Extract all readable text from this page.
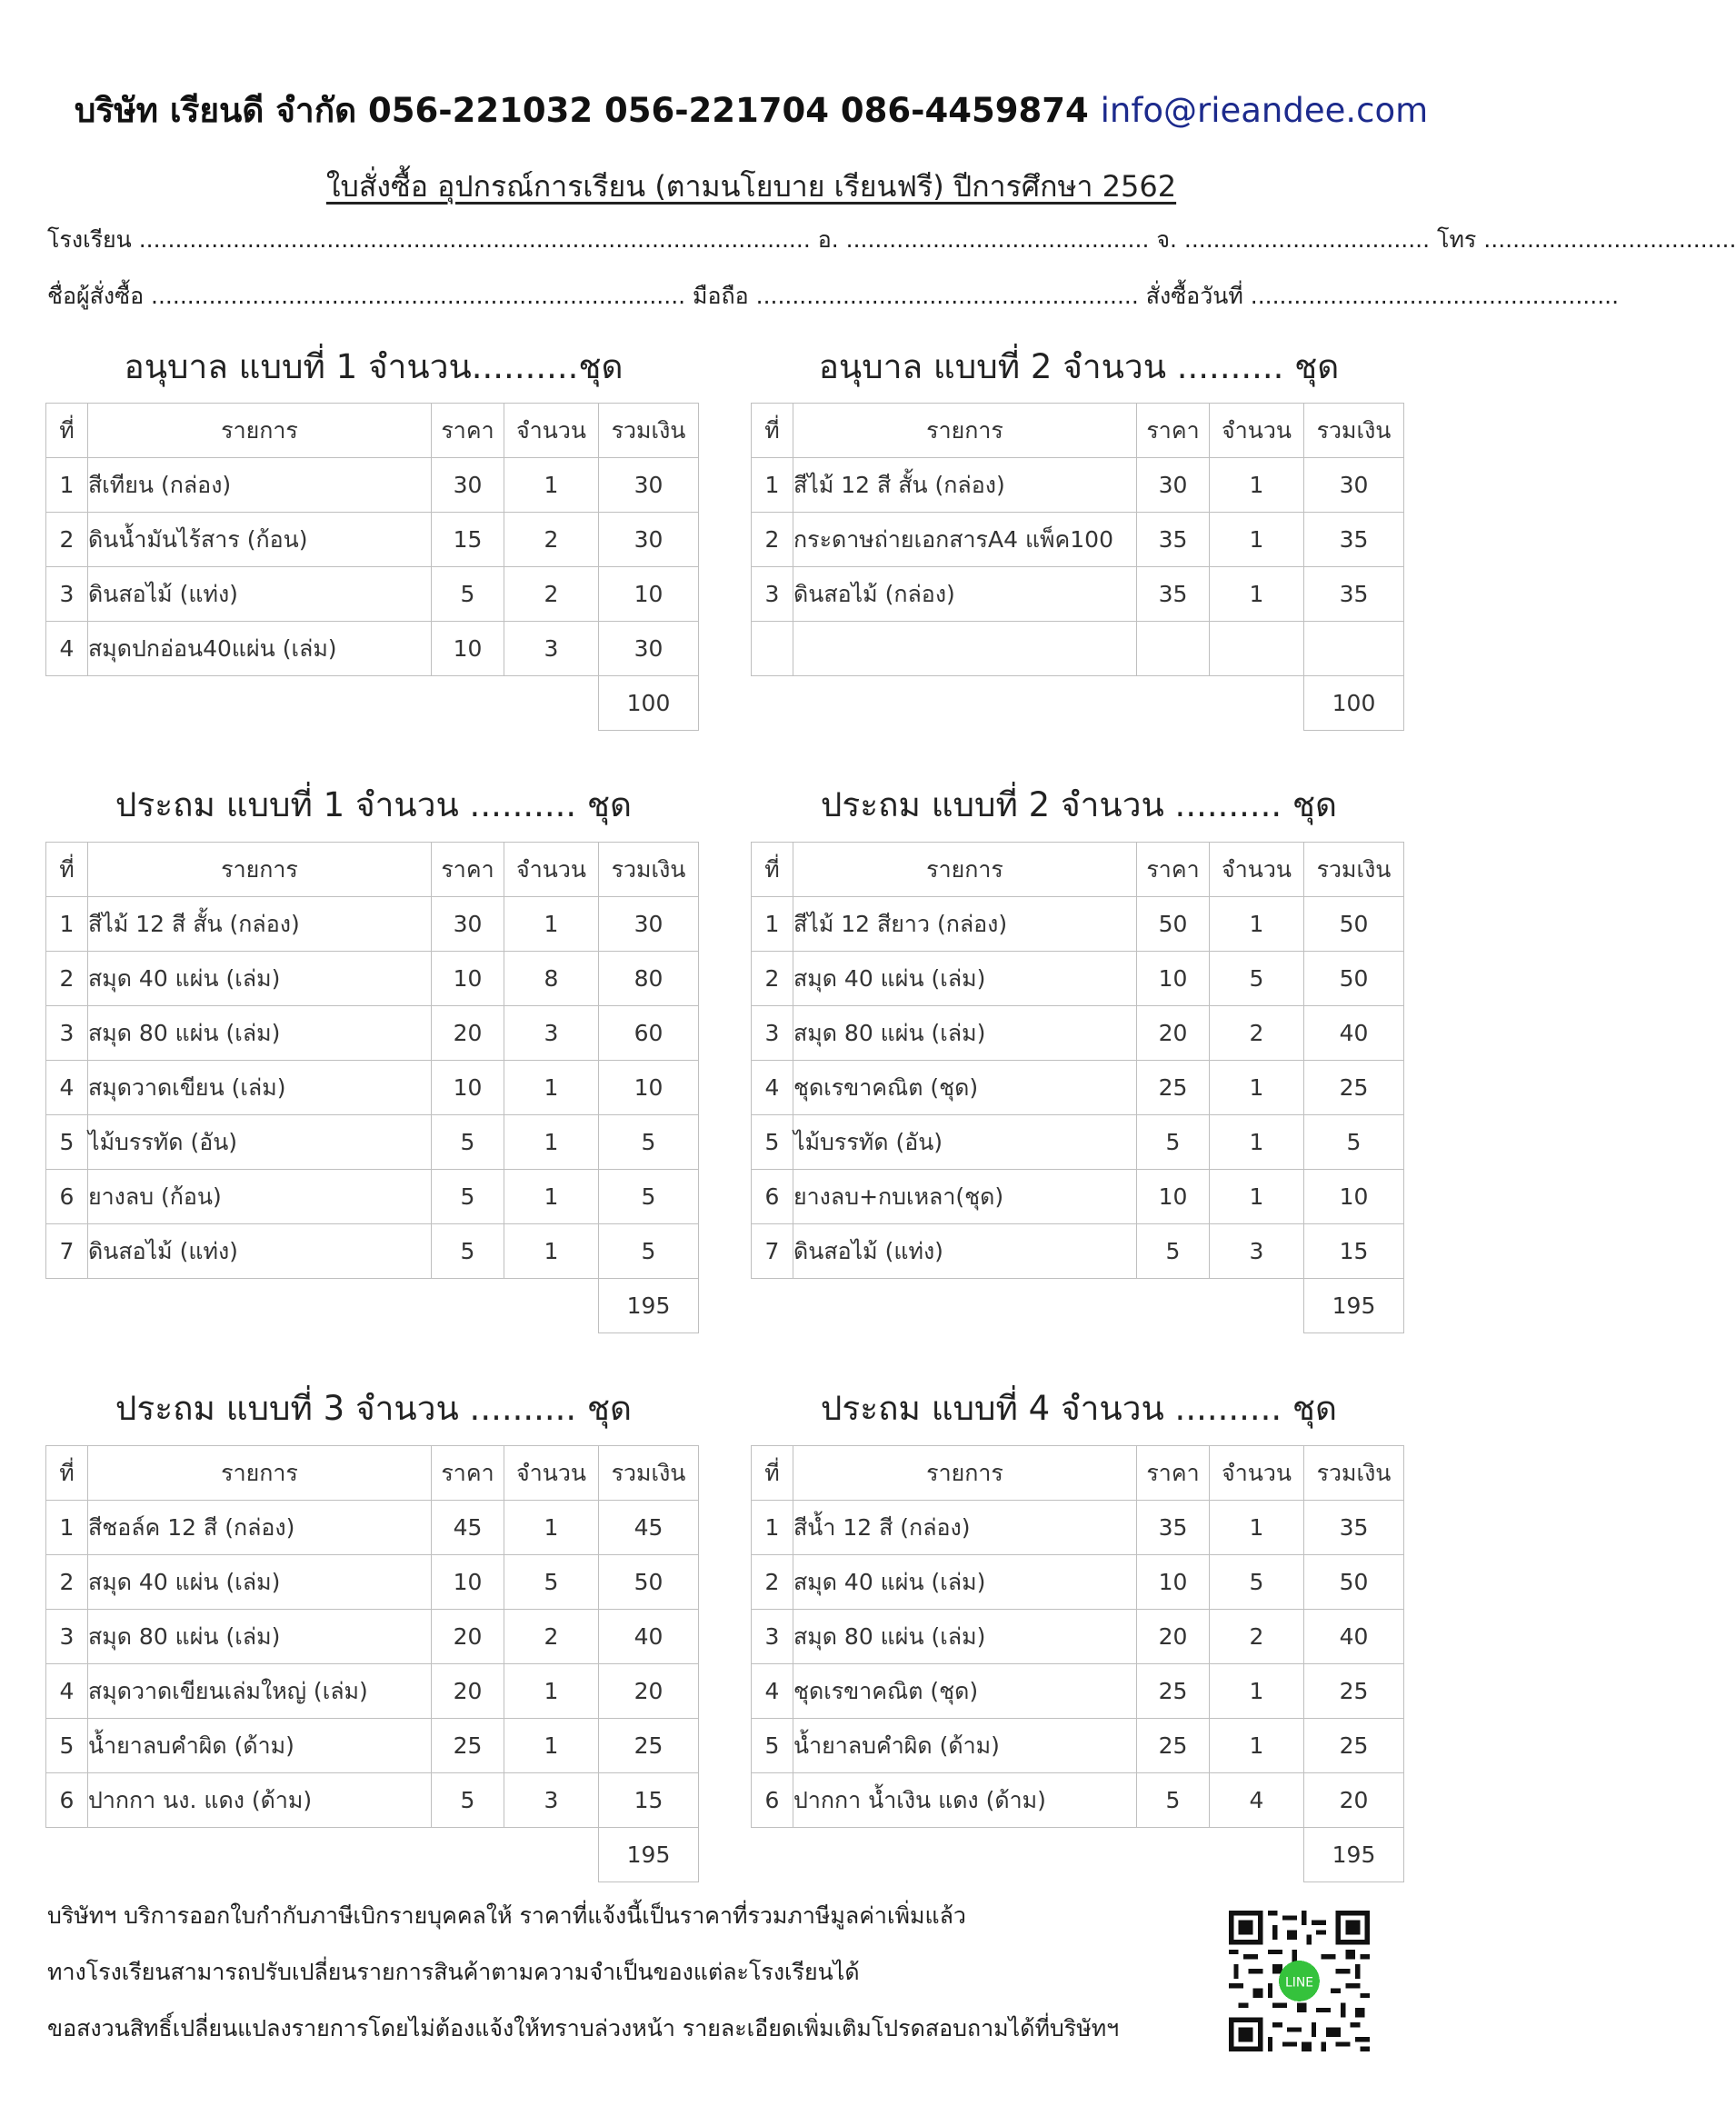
บริษัท เรียนดี จำกัด 056-221032 056-221704 086-4459874 info@rieandee.com
ใบสั่งซื้อ อุปกรณ์การเรียน (ตามนโยบาย เรียนฟรี) ปีการศึกษา 2562
โรงเรียน ............................................................................................. อ. .......................................... จ. .................................. โทร ...................................
ชื่อผู้สั่งซื้อ .......................................................................... มือถือ ..................................................... สั่งซื้อวันที่ ...................................................
อนุบาล แบบที่ 1 จำนวน..........ชุด	อนุบาล แบบที่ 2 จำนวน .......... ชุด
ประถม แบบที่ 1 จำนวน .......... ชุด	ประถม แบบที่ 2 จำนวน .......... ชุด
ประถม แบบที่ 3 จำนวน .......... ชุด	ประถม แบบที่ 4 จำนวน .......... ชุด
ที่	รายการ	ราคา	จำนวน	รวมเงิน
1	สีเทียน (กล่อง)	30	1	30
2	ดินน้ำมันไร้สาร (ก้อน)	15	2	30
3	ดินสอไม้ (แท่ง)	5	2	10
4	สมุดปกอ่อน40แผ่น (เล่ม)	10	3	30
				100
ที่	รายการ	ราคา	จำนวน	รวมเงิน
1	สีไม้ 12 สี สั้น (กล่อง)	30	1	30
2	กระดาษถ่ายเอกสารA4 แพ็ค100	35	1	35
3	ดินสอไม้ (กล่อง)	35	1	35

				100
ที่	รายการ	ราคา	จำนวน	รวมเงิน
1	สีไม้ 12 สี สั้น (กล่อง)	30	1	30
2	สมุด 40 แผ่น (เล่ม)	10	8	80
3	สมุด 80 แผ่น (เล่ม)	20	3	60
4	สมุดวาดเขียน (เล่ม)	10	1	10
5	ไม้บรรทัด (อัน)	5	1	5
6	ยางลบ (ก้อน)	5	1	5
7	ดินสอไม้ (แท่ง)	5	1	5
				195
ที่	รายการ	ราคา	จำนวน	รวมเงิน
1	สีไม้ 12 สียาว (กล่อง)	50	1	50
2	สมุด 40 แผ่น (เล่ม)	10	5	50
3	สมุด 80 แผ่น (เล่ม)	20	2	40
4	ชุดเรขาคณิต (ชุด)	25	1	25
5	ไม้บรรทัด (อัน)	5	1	5
6	ยางลบ+กบเหลา(ชุด)	10	1	10
7	ดินสอไม้ (แท่ง)	5	3	15
				195
ที่	รายการ	ราคา	จำนวน	รวมเงิน
1	สีชอล์ค 12 สี (กล่อง)	45	1	45
2	สมุด 40 แผ่น (เล่ม)	10	5	50
3	สมุด 80 แผ่น (เล่ม)	20	2	40
4	สมุดวาดเขียนเล่มใหญ่ (เล่ม)	20	1	20
5	น้ำยาลบคำผิด (ด้าม)	25	1	25
6	ปากกา นง. แดง (ด้าม)	5	3	15
				195
ที่	รายการ	ราคา	จำนวน	รวมเงิน
1	สีน้ำ 12 สี (กล่อง)	35	1	35
2	สมุด 40 แผ่น (เล่ม)	10	5	50
3	สมุด 80 แผ่น (เล่ม)	20	2	40
4	ชุดเรขาคณิต (ชุด)	25	1	25
5	น้ำยาลบคำผิด (ด้าม)	25	1	25
6	ปากกา น้ำเงิน แดง (ด้าม)	5	4	20
				195
บริษัทฯ บริการออกใบกำกับภาษีเบิกรายบุคคลให้ ราคาที่แจ้งนี้เป็นราคาที่รวมภาษีมูลค่าเพิ่มแล้ว
ทางโรงเรียนสามารถปรับเปลี่ยนรายการสินค้าตามความจำเป็นของแต่ละโรงเรียนได้
ขอสงวนสิทธิ์เปลี่ยนแปลงรายการโดยไม่ต้องแจ้งให้ทราบล่วงหน้า รายละเอียดเพิ่มเติมโปรดสอบถามได้ที่บริษัทฯ
LINE
